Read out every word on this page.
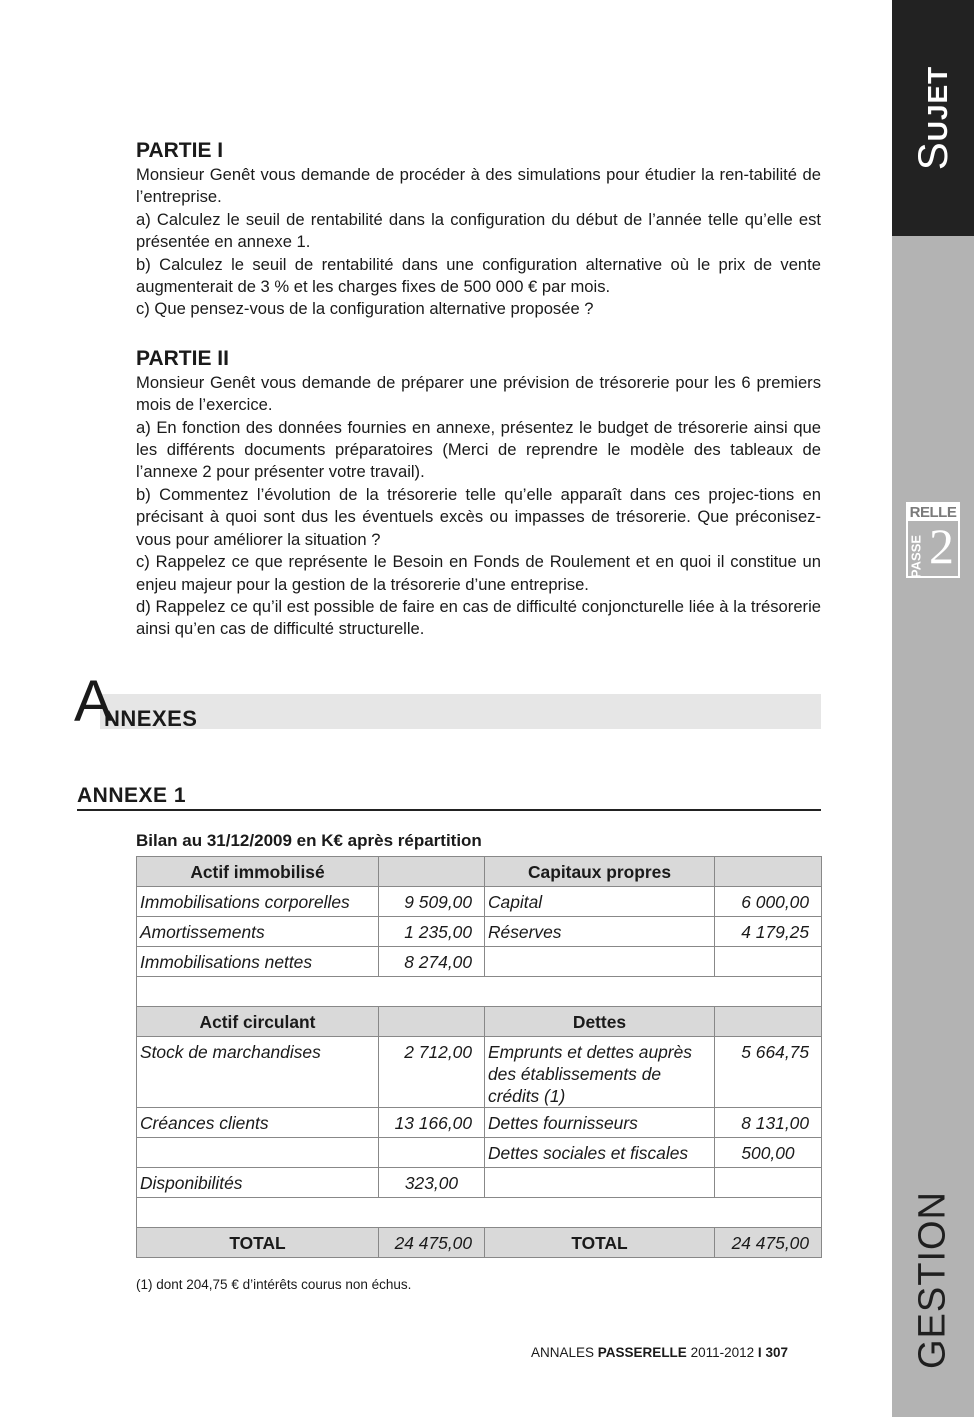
SUJET
RELLE
PASSE 2
GESTION
PARTIE I

Monsieur Genêt vous demande de procéder à des simulations pour étudier la ren-tabilité de l’entreprise.

a) Calculez le seuil de rentabilité dans la configuration du début de l’année telle qu’elle est présentée en annexe 1.

b) Calculez le seuil de rentabilité dans une configuration alternative où le prix de vente augmenterait de 3 % et les charges fixes de 500 000 € par mois.

c) Que pensez-vous de la configuration alternative proposée ?

PARTIE II

Monsieur Genêt vous demande de préparer une prévision de trésorerie pour les 6 premiers mois de l’exercice.

a) En fonction des données fournies en annexe, présentez le budget de trésorerie ainsi que les différents documents préparatoires (Merci de reprendre le modèle des tableaux de l’annexe 2 pour présenter votre travail).

b) Commentez l’évolution de la trésorerie telle qu’elle apparaît dans ces projec-tions en précisant à quoi sont dus les éventuels excès ou impasses de trésorerie. Que préconisez-vous pour améliorer la situation ?

c) Rappelez ce que représente le Besoin en Fonds de Roulement et en quoi il constitue un enjeu majeur pour la gestion de la trésorerie d’une entreprise.

d) Rappelez ce qu’il est possible de faire en cas de difficulté conjoncturelle liée à la trésorerie ainsi qu’en cas de difficulté structurelle.

A
NNEXES
ANNEXE 1
Bilan au 31/12/2009 en K€ après répartition
Actif immobilisé		Capitaux propres	
Immobilisations corporelles	9 509,00	Capital	6 000,00
Amortissements	1 235,00	Réserves	4 179,25
Immobilisations nettes	8 274,00		

Actif circulant		Dettes	
Stock de marchandises	2 712,00	Emprunts et dettes auprès des établissements de crédits (1)	5 664,75
Créances clients	13 166,00	Dettes fournisseurs	8 131,00
		Dettes sociales et fiscales	500,00
Disponibilités	323,00		

TOTAL	24 475,00	TOTAL	24 475,00
(1) dont 204,75 € d’intérêts courus non échus.
ANNALES PASSERELLE 2011-2012 I 307
